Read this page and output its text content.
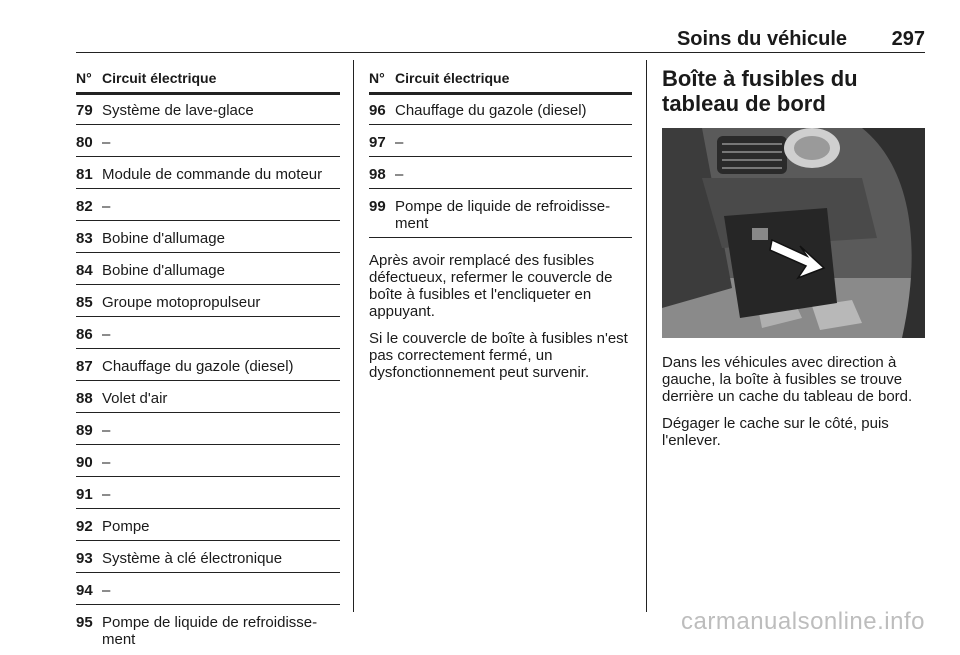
Soins du véhicule 297
N° Circuit électrique
79 Système de lave-glace
80 –
81 Module de commande du moteur
82 –
83 Bobine d'allumage
84 Bobine d'allumage
85 Groupe motopropulseur
86 –
87 Chauffage du gazole (diesel)
88 Volet d'air
89 –
90 –
91 –
92 Pompe
93 Système à clé électronique
94 –
95 Pompe de liquide de refroidisse-
ment
N° Circuit électrique
96 Chauffage du gazole (diesel)
97 –
98 –
99 Pompe de liquide de refroidisse-
ment

Après avoir remplacé des fusibles défectueux, refermer le couvercle de boîte à fusibles et l'encliqueter en appuyant.

Si le couvercle de boîte à fusibles n'est pas correctement fermé, un dysfonctionnement peut survenir.

Boîte à fusibles du tableau de bord

Dans les véhicules avec direction à gauche, la boîte à fusibles se trouve derrière un cache du tableau de bord.

Dégager le cache sur le côté, puis l'enlever.

carmanualsonline.info
